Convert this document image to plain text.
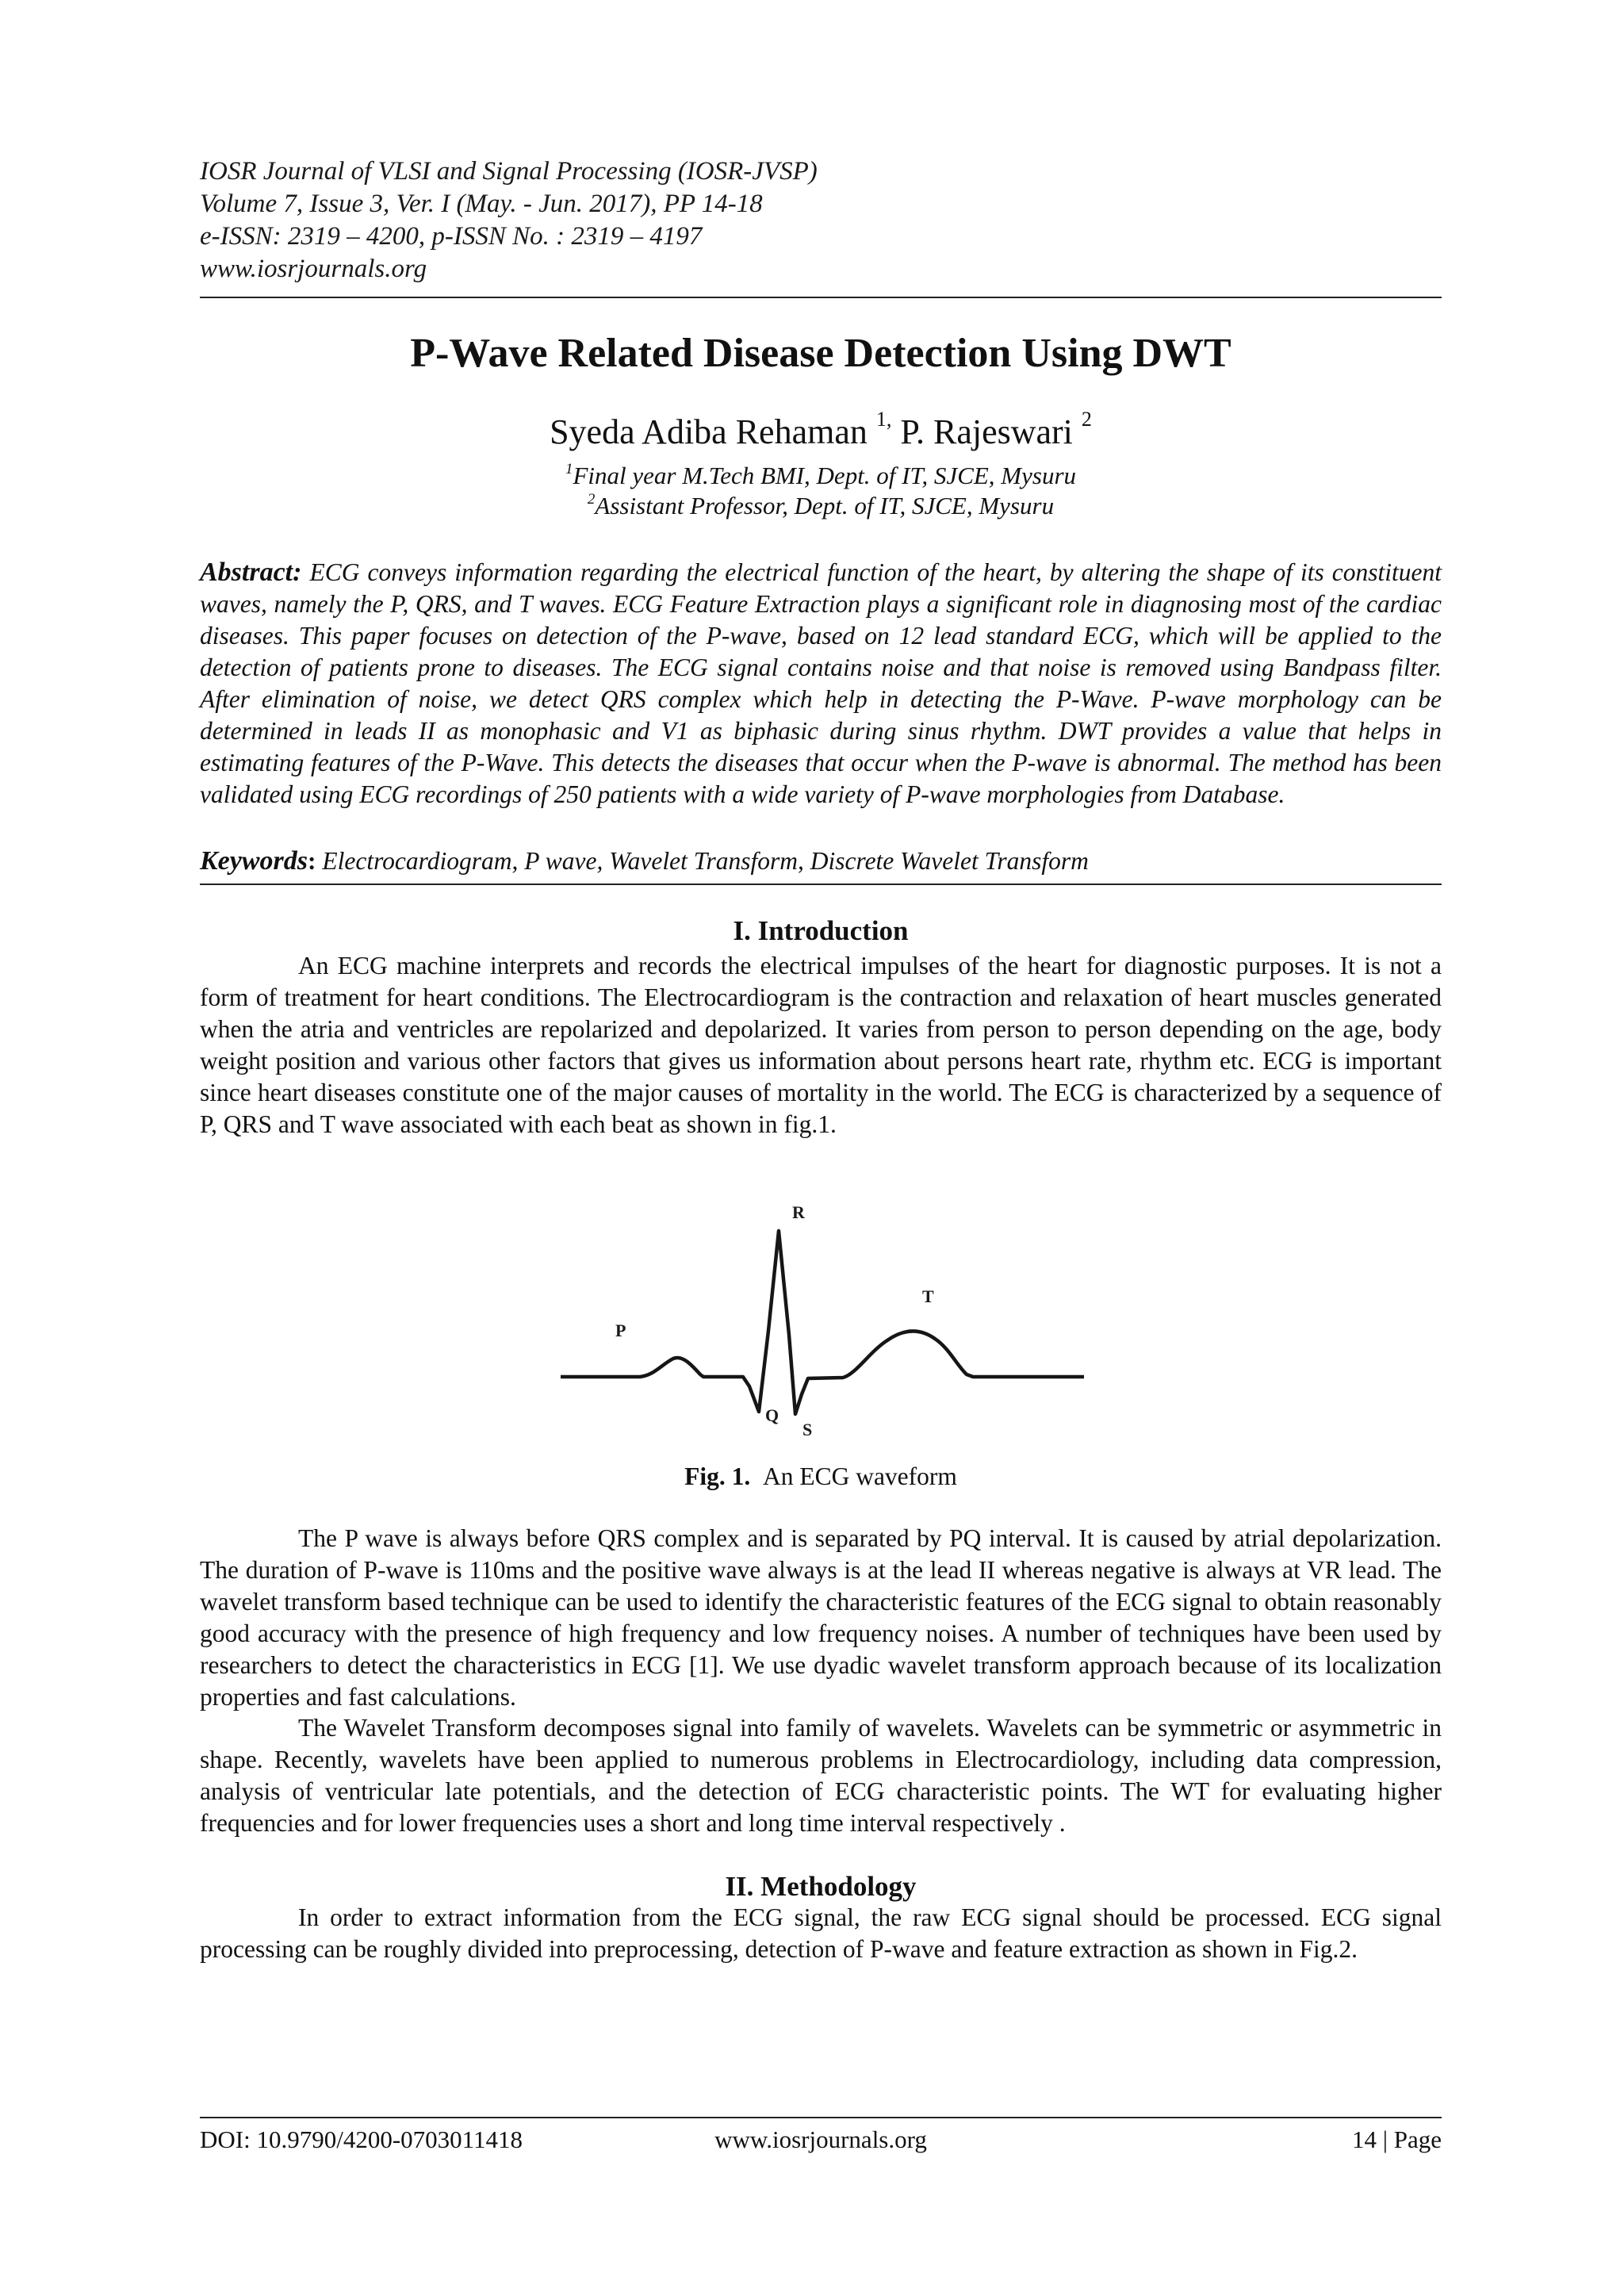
IOSR Journal of VLSI and Signal Processing (IOSR-JVSP)
Volume 7, Issue 3, Ver. I (May. - Jun. 2017), PP 14-18
e-ISSN: 2319 – 4200, p-ISSN No. : 2319 – 4197
www.iosrjournals.org
P-Wave Related Disease Detection Using DWT
Syeda Adiba Rehaman $^{1,}$ P. Rajeswari $^2$
$^1$Final year M.Tech BMI, Dept. of IT, SJCE, Mysuru
$^2$Assistant Professor, Dept. of IT, SJCE, Mysuru
Abstract: ECG conveys information regarding the electrical function of the heart, by altering the shape of its constituent waves, namely the P, QRS, and T waves. ECG Feature Extraction plays a significant role in diagnosing most of the cardiac diseases. This paper focuses on detection of the P-wave, based on 12 lead standard ECG, which will be applied to the detection of patients prone to diseases. The ECG signal contains noise and that noise is removed using Bandpass filter. After elimination of noise, we detect QRS complex which help in detecting the P-Wave. P-wave morphology can be determined in leads II as monophasic and V1 as biphasic during sinus rhythm. DWT provides a value that helps in estimating features of the P-Wave. This detects the diseases that occur when the P-wave is abnormal. The method has been validated using ECG recordings of 250 patients with a wide variety of P-wave morphologies from Database.
Keywords: Electrocardiogram, P wave, Wavelet Transform, Discrete Wavelet Transform
I. Introduction
An ECG machine interprets and records the electrical impulses of the heart for diagnostic purposes. It is not a form of treatment for heart conditions. The Electrocardiogram is the contraction and relaxation of heart muscles generated when the atria and ventricles are repolarized and depolarized. It varies from person to person depending on the age, body weight position and various other factors that gives us information about persons heart rate, rhythm etc. ECG is important since heart diseases constitute one of the major causes of mortality in the world. The ECG is characterized by a sequence of P, QRS and T wave associated with each beat as shown in fig.1.
P
Q
R
S
T
Fig. 1. An ECG waveform
The P wave is always before QRS complex and is separated by PQ interval. It is caused by atrial depolarization. The duration of P-wave is 110ms and the positive wave always is at the lead II whereas negative is always at VR lead. The wavelet transform based technique can be used to identify the characteristic features of the ECG signal to obtain reasonably good accuracy with the presence of high frequency and low frequency noises. A number of techniques have been used by researchers to detect the characteristics in ECG [1]. We use dyadic wavelet transform approach because of its localization properties and fast calculations.
The Wavelet Transform decomposes signal into family of wavelets. Wavelets can be symmetric or asymmetric in shape. Recently, wavelets have been applied to numerous problems in Electrocardiology, including data compression, analysis of ventricular late potentials, and the detection of ECG characteristic points. The WT for evaluating higher frequencies and for lower frequencies uses a short and long time interval respectively .
II. Methodology
In order to extract information from the ECG signal, the raw ECG signal should be processed. ECG signal processing can be roughly divided into preprocessing, detection of P-wave and feature extraction as shown in Fig.2.
DOI: 10.9790/4200-0703011418	www.iosrjournals.org	14 | Page
